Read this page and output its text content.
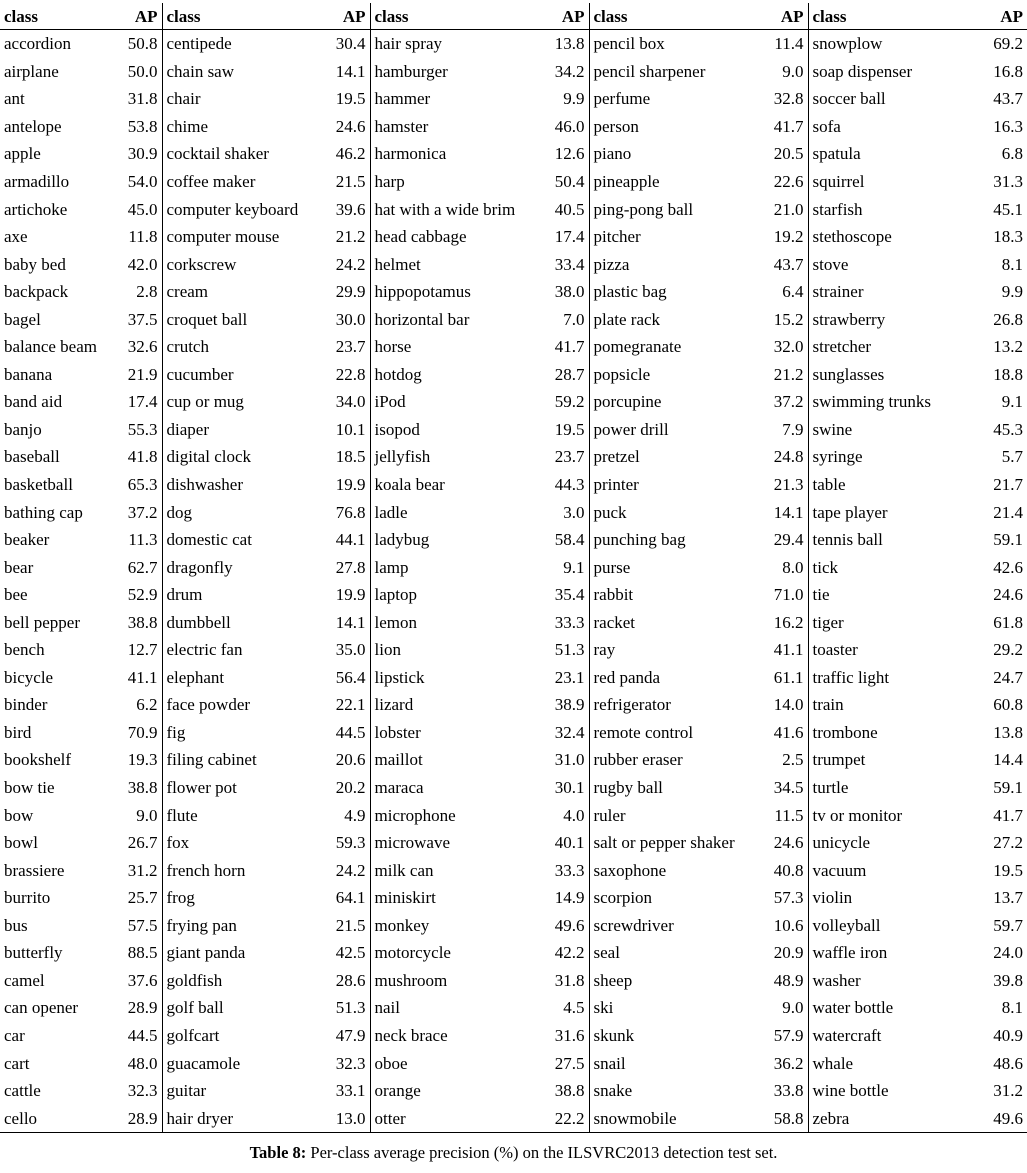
class	AP	class	AP	class	AP	class	AP	class	AP
accordion	50.8	centipede	30.4	hair spray	13.8	pencil box	11.4	snowplow	69.2
airplane	50.0	chain saw	14.1	hamburger	34.2	pencil sharpener	9.0	soap dispenser	16.8
ant	31.8	chair	19.5	hammer	9.9	perfume	32.8	soccer ball	43.7
antelope	53.8	chime	24.6	hamster	46.0	person	41.7	sofa	16.3
apple	30.9	cocktail shaker	46.2	harmonica	12.6	piano	20.5	spatula	6.8
armadillo	54.0	coffee maker	21.5	harp	50.4	pineapple	22.6	squirrel	31.3
artichoke	45.0	computer keyboard	39.6	hat with a wide brim	40.5	ping-pong ball	21.0	starfish	45.1
axe	11.8	computer mouse	21.2	head cabbage	17.4	pitcher	19.2	stethoscope	18.3
baby bed	42.0	corkscrew	24.2	helmet	33.4	pizza	43.7	stove	8.1
backpack	2.8	cream	29.9	hippopotamus	38.0	plastic bag	6.4	strainer	9.9
bagel	37.5	croquet ball	30.0	horizontal bar	7.0	plate rack	15.2	strawberry	26.8
balance beam	32.6	crutch	23.7	horse	41.7	pomegranate	32.0	stretcher	13.2
banana	21.9	cucumber	22.8	hotdog	28.7	popsicle	21.2	sunglasses	18.8
band aid	17.4	cup or mug	34.0	iPod	59.2	porcupine	37.2	swimming trunks	9.1
banjo	55.3	diaper	10.1	isopod	19.5	power drill	7.9	swine	45.3
baseball	41.8	digital clock	18.5	jellyfish	23.7	pretzel	24.8	syringe	5.7
basketball	65.3	dishwasher	19.9	koala bear	44.3	printer	21.3	table	21.7
bathing cap	37.2	dog	76.8	ladle	3.0	puck	14.1	tape player	21.4
beaker	11.3	domestic cat	44.1	ladybug	58.4	punching bag	29.4	tennis ball	59.1
bear	62.7	dragonfly	27.8	lamp	9.1	purse	8.0	tick	42.6
bee	52.9	drum	19.9	laptop	35.4	rabbit	71.0	tie	24.6
bell pepper	38.8	dumbbell	14.1	lemon	33.3	racket	16.2	tiger	61.8
bench	12.7	electric fan	35.0	lion	51.3	ray	41.1	toaster	29.2
bicycle	41.1	elephant	56.4	lipstick	23.1	red panda	61.1	traffic light	24.7
binder	6.2	face powder	22.1	lizard	38.9	refrigerator	14.0	train	60.8
bird	70.9	fig	44.5	lobster	32.4	remote control	41.6	trombone	13.8
bookshelf	19.3	filing cabinet	20.6	maillot	31.0	rubber eraser	2.5	trumpet	14.4
bow tie	38.8	flower pot	20.2	maraca	30.1	rugby ball	34.5	turtle	59.1
bow	9.0	flute	4.9	microphone	4.0	ruler	11.5	tv or monitor	41.7
bowl	26.7	fox	59.3	microwave	40.1	salt or pepper shaker	24.6	unicycle	27.2
brassiere	31.2	french horn	24.2	milk can	33.3	saxophone	40.8	vacuum	19.5
burrito	25.7	frog	64.1	miniskirt	14.9	scorpion	57.3	violin	13.7
bus	57.5	frying pan	21.5	monkey	49.6	screwdriver	10.6	volleyball	59.7
butterfly	88.5	giant panda	42.5	motorcycle	42.2	seal	20.9	waffle iron	24.0
camel	37.6	goldfish	28.6	mushroom	31.8	sheep	48.9	washer	39.8
can opener	28.9	golf ball	51.3	nail	4.5	ski	9.0	water bottle	8.1
car	44.5	golfcart	47.9	neck brace	31.6	skunk	57.9	watercraft	40.9
cart	48.0	guacamole	32.3	oboe	27.5	snail	36.2	whale	48.6
cattle	32.3	guitar	33.1	orange	38.8	snake	33.8	wine bottle	31.2
cello	28.9	hair dryer	13.0	otter	22.2	snowmobile	58.8	zebra	49.6
Table 8: Per-class average precision (%) on the ILSVRC2013 detection test set.
